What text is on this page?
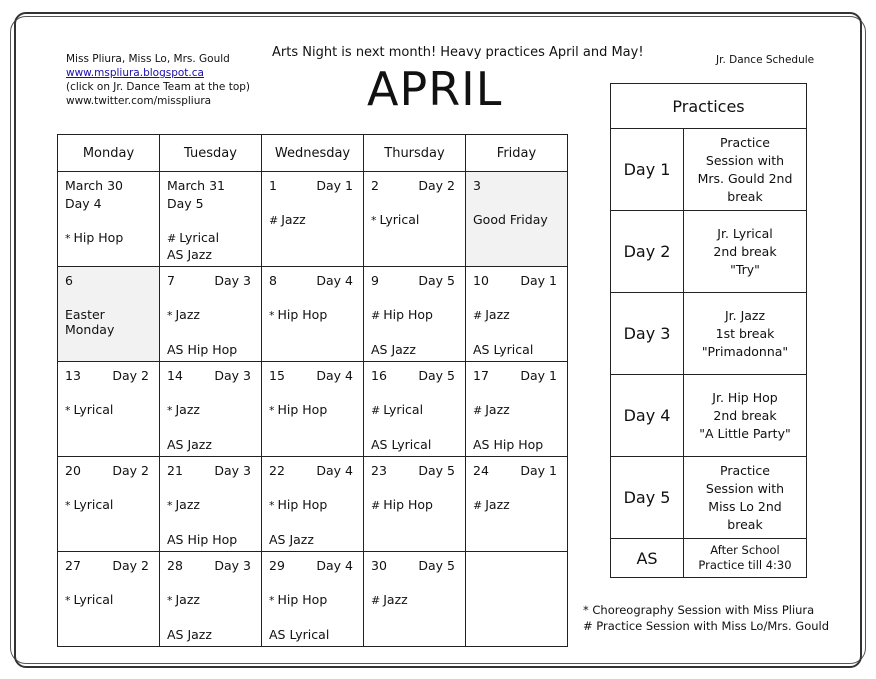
Miss Pliura, Miss Lo, Mrs. Gould
www.mspliura.blogspot.ca
(click on Jr. Dance Team at the top)
www.twitter.com/misspliura
Arts Night is next month! Heavy practices April and May!
APRIL
Jr. Dance Schedule
Monday	Tuesday	Wednesday	Thursday	Friday

March 30
Day 4
* Hip Hop	March 31
Day 5
# Lyrical
AS Jazz	1 Day 1
# Jazz	2 Day 2
* Lyrical	3
Good Friday

6
Easter
Monday	7 Day 3
* Jazz
AS Hip Hop	8 Day 4
* Hip Hop	9 Day 5
# Hip Hop
AS Jazz	10 Day 1
# Jazz
AS Lyrical

13 Day 2
* Lyrical	14 Day 3
* Jazz
AS Jazz	15 Day 4
* Hip Hop	16 Day 5
# Lyrical
AS Lyrical	17 Day 1
# Jazz
AS Hip Hop

20 Day 2
* Lyrical	21 Day 3
* Jazz
AS Hip Hop	22 Day 4
* Hip Hop
AS Jazz	23 Day 5
# Hip Hop	24 Day 1
# Jazz

27 Day 2
* Lyrical	28 Day 3
* Jazz
AS Jazz	29 Day 4
* Hip Hop
AS Lyrical	30 Day 5
# Jazz	

Practices	
Day 1	Practice
Session with
Mrs. Gould 2nd
break

Day 2	Jr. Lyrical
2nd break
"Try"

Day 3	Jr. Jazz
1st break
"Primadonna"

Day 4	Jr. Hip Hop
2nd break
"A Little Party"

Day 5	Practice
Session with
Miss Lo 2nd
break

AS	After School
Practice till 4:30
* Choreography Session with Miss Pliura
# Practice Session with Miss Lo/Mrs. Gould
